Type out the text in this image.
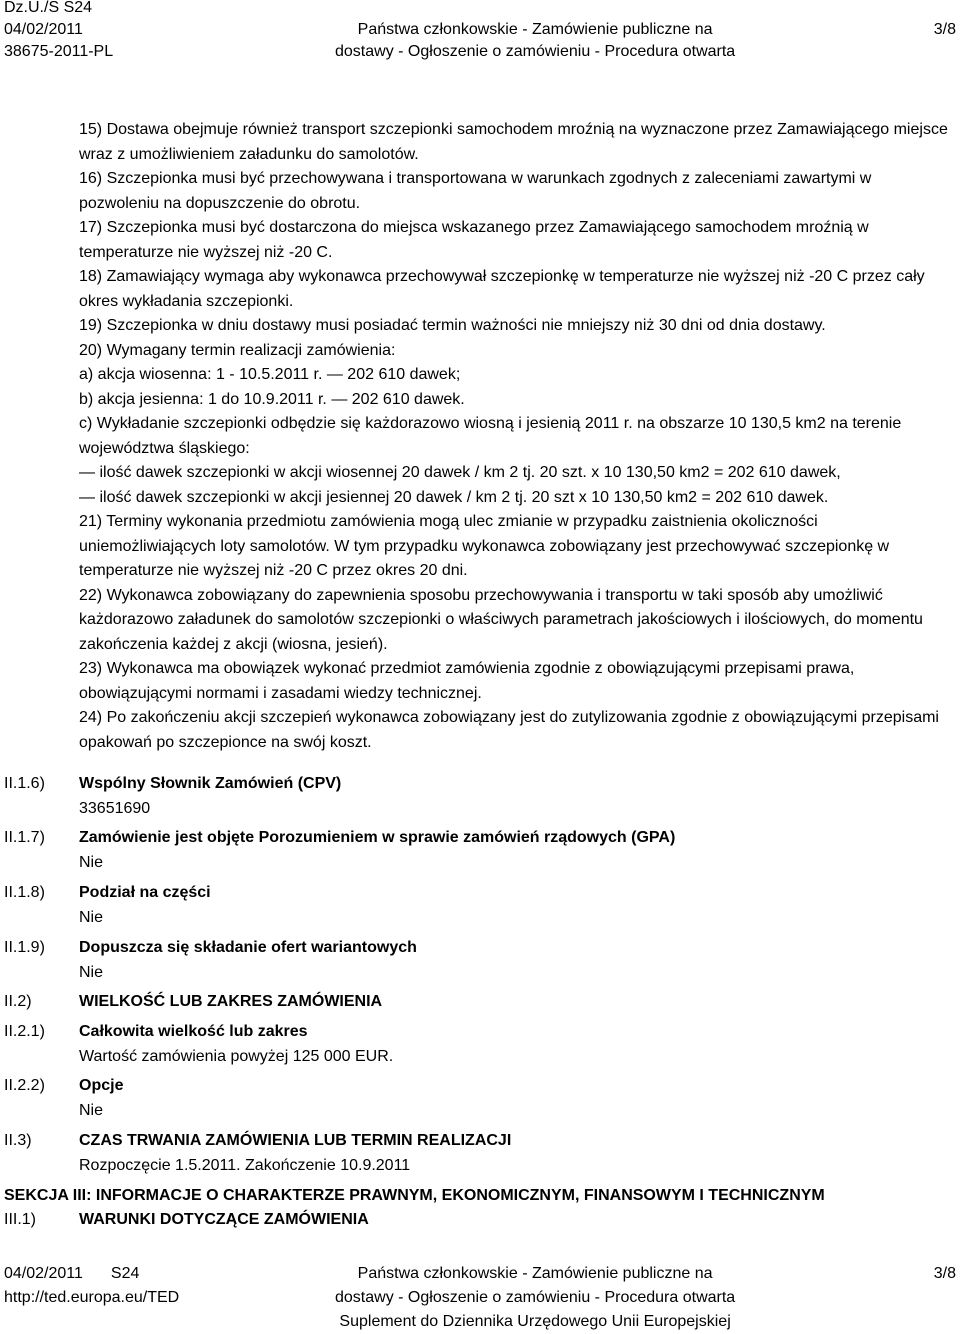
Dz.U./S S24
04/02/2011
38675-2011-PL
Państwa członkowskie - Zamówienie publiczne na
dostawy - Ogłoszenie o zamówieniu - Procedura otwarta
3/8

15) Dostawa obejmuje również transport szczepionki samochodem mroźnią na wyznaczone przez Zamawiającego miejsce wraz z umożliwieniem załadunku do samolotów.

16) Szczepionka musi być przechowywana i transportowana w warunkach zgodnych z zaleceniami zawartymi w pozwoleniu na dopuszczenie do obrotu.

17) Szczepionka musi być dostarczona do miejsca wskazanego przez Zamawiającego samochodem mroźnią w temperaturze nie wyższej niż -20 C.

18) Zamawiający wymaga aby wykonawca przechowywał szczepionkę w temperaturze nie wyższej niż -20 C przez cały okres wykładania szczepionki.

19) Szczepionka w dniu dostawy musi posiadać termin ważności nie mniejszy niż 30 dni od dnia dostawy.

20) Wymagany termin realizacji zamówienia:

a) akcja wiosenna: 1 - 10.5.2011 r. — 202 610 dawek;

b) akcja jesienna: 1 do 10.9.2011 r. — 202 610 dawek.

c) Wykładanie szczepionki odbędzie się każdorazowo wiosną i jesienią 2011 r. na obszarze 10 130,5 km2 na terenie województwa śląskiego:

— ilość dawek szczepionki w akcji wiosennej 20 dawek / km 2 tj. 20 szt. x 10 130,50 km2 = 202 610 dawek,

— ilość dawek szczepionki w akcji jesiennej 20 dawek / km 2 tj. 20 szt x 10 130,50 km2 = 202 610 dawek.

21) Terminy wykonania przedmiotu zamówienia mogą ulec zmianie w przypadku zaistnienia okoliczności uniemożliwiających loty samolotów. W tym przypadku wykonawca zobowiązany jest przechowywać szczepionkę w temperaturze nie wyższej niż -20 C przez okres 20 dni.

22) Wykonawca zobowiązany do zapewnienia sposobu przechowywania i transportu w taki sposób aby umożliwić każdorazowo załadunek do samolotów szczepionki o właściwych parametrach jakościowych i ilościowych, do momentu zakończenia każdej z akcji (wiosna, jesień).

23) Wykonawca ma obowiązek wykonać przedmiot zamówienia zgodnie z obowiązującymi przepisami prawa, obowiązującymi normami i zasadami wiedzy technicznej.

24) Po zakończeniu akcji szczepień wykonawca zobowiązany jest do zutylizowania zgodnie z obowiązującymi przepisami opakowań po szczepionce na swój koszt.

II.1.6)	Wspólny Słownik Zamówień (CPV)
33651690
II.1.7)	Zamówienie jest objęte Porozumieniem w sprawie zamówień rządowych (GPA)
Nie
II.1.8)	Podział na części
Nie
II.1.9)	Dopuszcza się składanie ofert wariantowych
Nie
II.2)	WIELKOŚĆ LUB ZAKRES ZAMÓWIENIA
II.2.1)	Całkowita wielkość lub zakres
Wartość zamówienia powyżej 125 000 EUR.
II.2.2)	Opcje
Nie
II.3)	CZAS TRWANIA ZAMÓWIENIA LUB TERMIN REALIZACJI
Rozpoczęcie 1.5.2011. Zakończenie 10.9.2011
SEKCJA III: INFORMACJE O CHARAKTERZE PRAWNYM, EKONOMICZNYM, FINANSOWYM I TECHNICZNYM
III.1)	WARUNKI DOTYCZĄCE ZAMÓWIENIA
04/02/2011 S24
http://ted.europa.eu/TED
Państwa członkowskie - Zamówienie publiczne na
dostawy - Ogłoszenie o zamówieniu - Procedura otwarta
Suplement do Dziennika Urzędowego Unii Europejskiej
3/8
